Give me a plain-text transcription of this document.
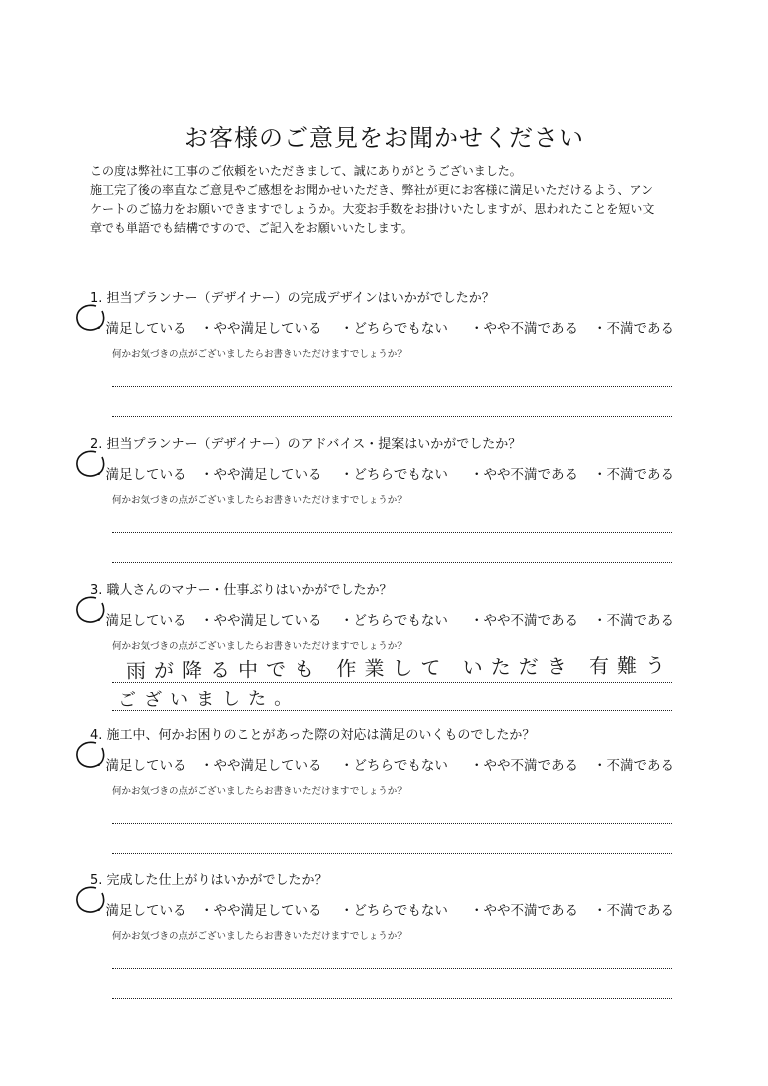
お客様のご意見をお聞かせください

この度は弊社に工事のご依頼をいただきまして、誠にありがとうございました。

施工完了後の率直なご意見やご感想をお聞かせいただき、弊社が更にお客様に満足いただけるよう、アン

ケートのご協力をお願いできますでしょうか。大変お手数をお掛けいたしますが、思われたことを短い文

章でも単語でも結構ですので、ご記入をお願いいたします。

1. 担当プランナー（デザイナー）の完成デザインはいかがでしたか？

・ 満足している	・ やや満足している	・ どちらでもない	・ やや不満である	・ 不満である

何かお気づきの点がございましたらお書きいただけますでしょうか？

2. 担当プランナー（デザイナー）のアドバイス・提案はいかがでしたか？

・ 満足している	・ やや満足している	・ どちらでもない	・ やや不満である	・ 不満である

何かお気づきの点がございましたらお書きいただけますでしょうか？

3. 職人さんのマナー・仕事ぶりはいかがでしたか？

・ 満足している	・ やや満足している	・ どちらでもない	・ やや不満である	・ 不満である

何かお気づきの点がございましたらお書きいただけますでしょうか？

雨が降る中でも 作業して いただき 有難う
ございました。

4. 施工中、何かお困りのことがあった際の対応は満足のいくものでしたか？

・ 満足している	・ やや満足している	・ どちらでもない	・ やや不満である	・ 不満である

何かお気づきの点がございましたらお書きいただけますでしょうか？

5. 完成した仕上がりはいかがでしたか？

・ 満足している	・ やや満足している	・ どちらでもない	・ やや不満である	・ 不満である

何かお気づきの点がございましたらお書きいただけますでしょうか？
